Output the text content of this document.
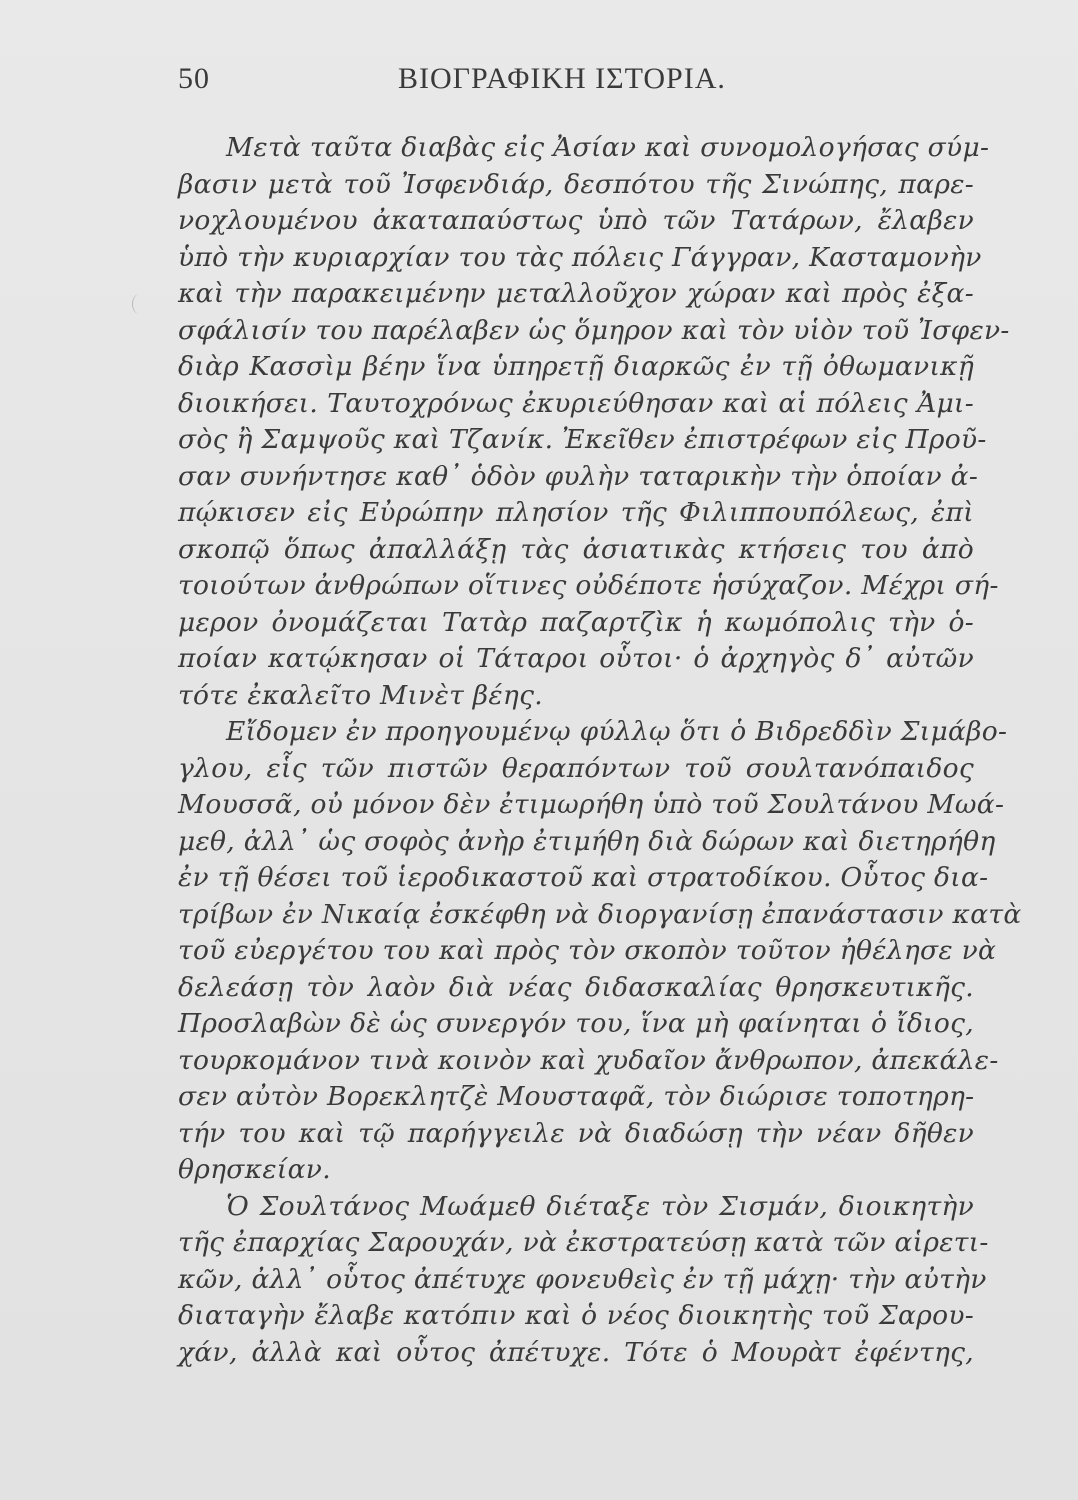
50	ΒΙΟΓΡΑΦΙΚΗ ΙΣΤΟΡΙΑ.
Μετὰ ταῦτα διαβὰς εἰς Ἀσίαν καὶ συνομολογήσας σύμ-
βασιν μετὰ τοῦ Ἰσφενδιάρ, δεσπότου τῆς Σινώπης, παρε-
νοχλουμένου ἀκαταπαύστως ὑπὸ τῶν Τατάρων, ἔλαβεν
ὑπὸ τὴν κυριαρχίαν του τὰς πόλεις Γάγγραν, Κασταμονὴν
καὶ τὴν παρακειμένην μεταλλοῦχον χώραν καὶ πρὸς ἐξα-
σφάλισίν του παρέλαβεν ὡς ὅμηρον καὶ τὸν υἱὸν τοῦ Ἰσφεν-
διὰρ Κασσὶμ βέην ἵνα ὑπηρετῇ διαρκῶς ἐν τῇ ὀθωμανικῇ
διοικήσει. Ταυτοχρόνως ἐκυριεύθησαν καὶ αἱ πόλεις Ἀμι-
σὸς ἢ Σαμψοῦς καὶ Τζανίκ. Ἐκεῖθεν ἐπιστρέφων εἰς Προῦ-
σαν συνήντησε καθ᾽ ὁδὸν φυλὴν ταταρικὴν τὴν ὁποίαν ἀ-
πῴκισεν εἰς Εὐρώπην πλησίον τῆς Φιλιππουπόλεως, ἐπὶ
σκοπῷ ὅπως ἀπαλλάξῃ τὰς ἀσιατικὰς κτήσεις του ἀπὸ
τοιούτων ἀνθρώπων οἵτινες οὐδέποτε ἡσύχαζον. Μέχρι σή-
μερον ὀνομάζεται Τατὰρ παζαρτζὶκ ἡ κωμόπολις τὴν ὁ-
ποίαν κατῴκησαν οἱ Τάταροι οὗτοι· ὁ ἀρχηγὸς δ᾽ αὐτῶν
τότε ἐκαλεῖτο Μινὲτ βέης.
Εἴδομεν ἐν προηγουμένῳ φύλλῳ ὅτι ὁ Βιδρεδδὶν Σιμάβο-
γλου, εἷς τῶν πιστῶν θεραπόντων τοῦ σουλτανόπαιδος
Μουσσᾶ, οὐ μόνον δὲν ἐτιμωρήθη ὑπὸ τοῦ Σουλτάνου Μωά-
μεθ, ἀλλ᾽ ὡς σοφὸς ἀνὴρ ἐτιμήθη διὰ δώρων καὶ διετηρήθη
ἐν τῇ θέσει τοῦ ἱεροδικαστοῦ καὶ στρατοδίκου. Οὗτος δια-
τρίβων ἐν Νικαίᾳ ἐσκέφθη νὰ διοργανίσῃ ἐπανάστασιν κατὰ
τοῦ εὐεργέτου του καὶ πρὸς τὸν σκοπὸν τοῦτον ἠθέλησε νὰ
δελεάσῃ τὸν λαὸν διὰ νέας διδασκαλίας θρησκευτικῆς.
Προσλαβὼν δὲ ὡς συνεργόν του, ἵνα μὴ φαίνηται ὁ ἴδιος,
τουρκομάνον τινὰ κοινὸν καὶ χυδαῖον ἄνθρωπον, ἀπεκάλε-
σεν αὐτὸν Βορεκλητζὲ Μουσταφᾶ, τὸν διώρισε τοποτηρη-
τήν του καὶ τῷ παρήγγειλε νὰ διαδώσῃ τὴν νέαν δῆθεν
θρησκείαν.
Ὁ Σουλτάνος Μωάμεθ διέταξε τὸν Σισμάν, διοικητὴν
τῆς ἐπαρχίας Σαρουχάν, νὰ ἐκστρατεύσῃ κατὰ τῶν αἱρετι-
κῶν, ἀλλ᾽ οὗτος ἀπέτυχε φονευθεὶς ἐν τῇ μάχῃ· τὴν αὐτὴν
διαταγὴν ἔλαβε κατόπιν καὶ ὁ νέος διοικητὴς τοῦ Σαρου-
χάν, ἀλλὰ καὶ οὗτος ἀπέτυχε. Τότε ὁ Μουρὰτ ἐφέντης,
